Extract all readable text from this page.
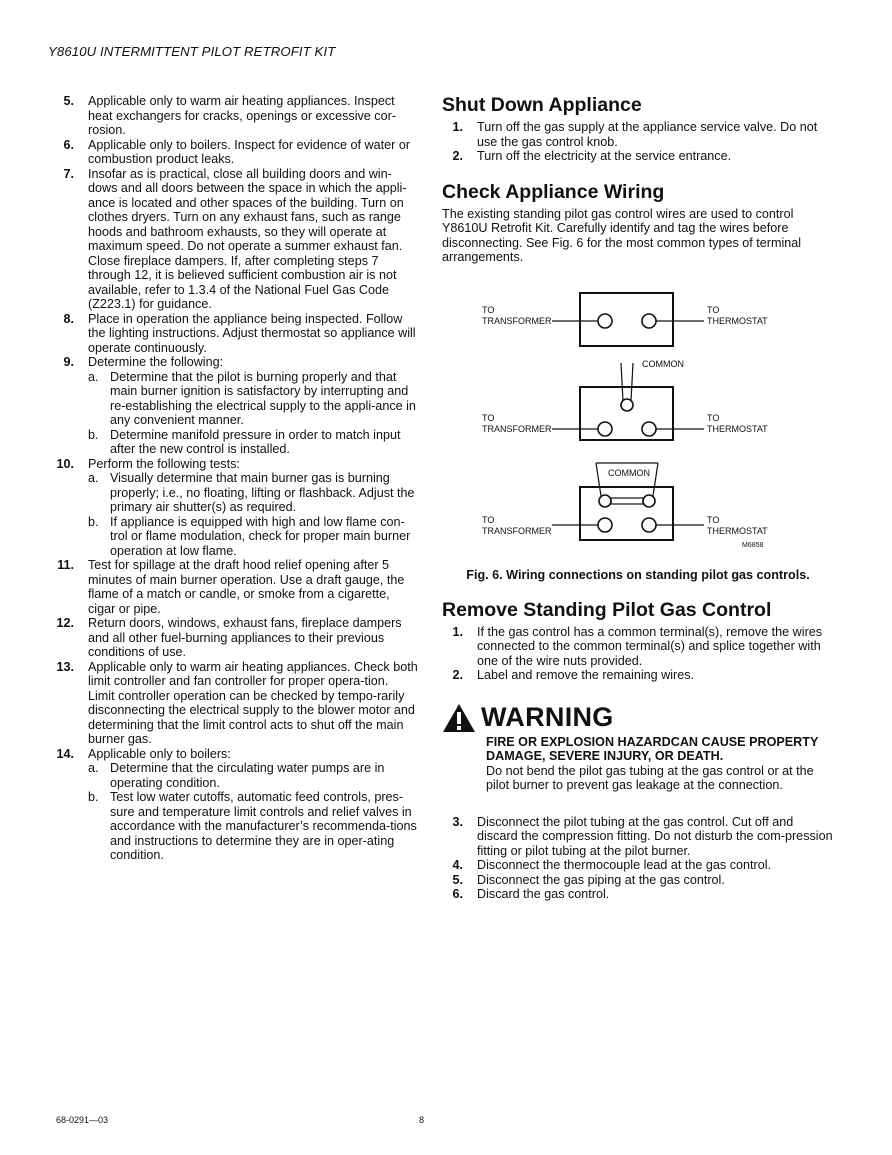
Y8610U INTERMITTENT PILOT RETROFIT KIT
5. Applicable only to warm air heating appliances. Inspect heat exchangers for cracks, openings or excessive cor-rosion.
6. Applicable only to boilers. Inspect for evidence of water or combustion product leaks.
7. Insofar as is practical, close all building doors and win-dows and all doors between the space in which the appli-ance is located and other spaces of the building. Turn on clothes dryers. Turn on any exhaust fans, such as range hoods and bathroom exhausts, so they will operate at maximum speed. Do not operate a summer exhaust fan. Close fireplace dampers. If, after completing steps 7 through 12, it is believed sufficient combustion air is not available, refer to 1.3.4 of the National Fuel Gas Code (Z223.1) for guidance.
8. Place in operation the appliance being inspected. Follow the lighting instructions. Adjust thermostat so appliance will operate continuously.
9. Determine the following:
a. Determine that the pilot is burning properly and that main burner ignition is satisfactory by interrupting and re-establishing the electrical supply to the appli-ance in any convenient manner.
b. Determine manifold pressure in order to match input after the new control is installed.
10. Perform the following tests:
a. Visually determine that main burner gas is burning properly; i.e., no floating, lifting or flashback. Adjust the primary air shutter(s) as required.
b. If appliance is equipped with high and low flame con-trol or flame modulation, check for proper main burner operation at low flame.
11. Test for spillage at the draft hood relief opening after 5 minutes of main burner operation. Use a draft gauge, the flame of a match or candle, or smoke from a cigarette, cigar or pipe.
12. Return doors, windows, exhaust fans, fireplace dampers and all other fuel-burning appliances to their previous conditions of use.
13. Applicable only to warm air heating appliances. Check both limit controller and fan controller for proper opera-tion. Limit controller operation can be checked by tempo-rarily disconnecting the electrical supply to the blower motor and determining that the limit control acts to shut off the main burner gas.
14. Applicable only to boilers:
a. Determine that the circulating water pumps are in operating condition.
b. Test low water cutoffs, automatic feed controls, pres-sure and temperature limit controls and relief valves in accordance with the manufacturer’s recommenda-tions and instructions to determine they are in oper-ating condition.
Shut Down Appliance
1. Turn off the gas supply at the appliance service valve. Do not use the gas control knob.
2. Turn off the electricity at the service entrance.
Check Appliance Wiring

The existing standing pilot gas control wires are used to control Y8610U Retrofit Kit. Carefully identify and tag the wires before disconnecting. See Fig. 6 for the most common types of terminal arrangements.

TO
TRANSFORMER
TO
THERMOSTAT
COMMON
TO
TRANSFORMER
TO
THERMOSTAT
COMMON
TO
TRANSFORMER
TO
THERMOSTAT
M6858
Fig. 6. Wiring connections on standing pilot gas controls.
Remove Standing Pilot Gas Control
1. If the gas control has a common terminal(s), remove the wires connected to the common terminal(s) and splice together with one of the wire nuts provided.
2. Label and remove the remaining wires.
WARNING
FIRE OR EXPLOSION HAZARDCAN CAUSE PROPERTY DAMAGE, SEVERE INJURY, OR DEATH.
Do not bend the pilot gas tubing at the gas control or at the pilot burner to prevent gas leakage at the connection.
3. Disconnect the pilot tubing at the gas control. Cut off and discard the compression fitting. Do not disturb the com-pression fitting or pilot tubing at the pilot burner.
4. Disconnect the thermocouple lead at the gas control.
5. Disconnect the gas piping at the gas control.
6. Discard the gas control.
68-0291—03	8
